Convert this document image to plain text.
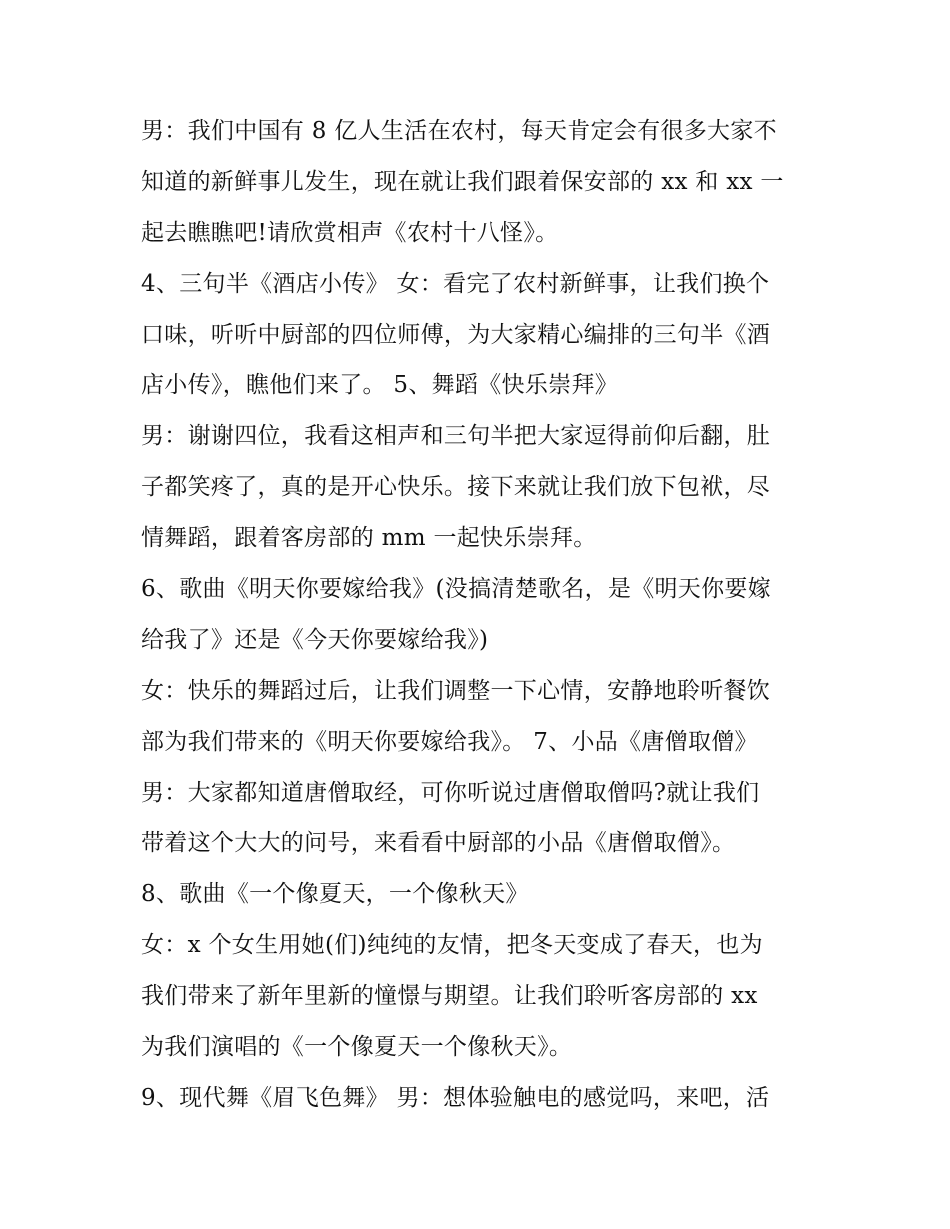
男：我们中国有 8 亿人生活在农村，每天肯定会有很多大家不
知道的新鲜事儿发生，现在就让我们跟着保安部的 xx 和 xx 一
起去瞧瞧吧!请欣赏相声《农村十八怪》。
4、三句半《酒店小传》 女：看完了农村新鲜事，让我们换个
口味，听听中厨部的四位师傅，为大家精心编排的三句半《酒
店小传》，瞧他们来了。 5、舞蹈《快乐崇拜》
男：谢谢四位，我看这相声和三句半把大家逗得前仰后翻，肚
子都笑疼了，真的是开心快乐。接下来就让我们放下包袱，尽
情舞蹈，跟着客房部的 mm 一起快乐崇拜。
6、歌曲《明天你要嫁给我》(没搞清楚歌名，是《明天你要嫁
给我了》还是《今天你要嫁给我》)
女：快乐的舞蹈过后，让我们调整一下心情，安静地聆听餐饮
部为我们带来的《明天你要嫁给我》。 7、小品《唐僧取僧》
男：大家都知道唐僧取经，可你听说过唐僧取僧吗?就让我们
带着这个大大的问号，来看看中厨部的小品《唐僧取僧》。
8、歌曲《一个像夏天，一个像秋天》
女：x 个女生用她(们)纯纯的友情，把冬天变成了春天，也为
我们带来了新年里新的憧憬与期望。让我们聆听客房部的 xx
为我们演唱的《一个像夏天一个像秋天》。
9、现代舞《眉飞色舞》 男：想体验触电的感觉吗，来吧，活
